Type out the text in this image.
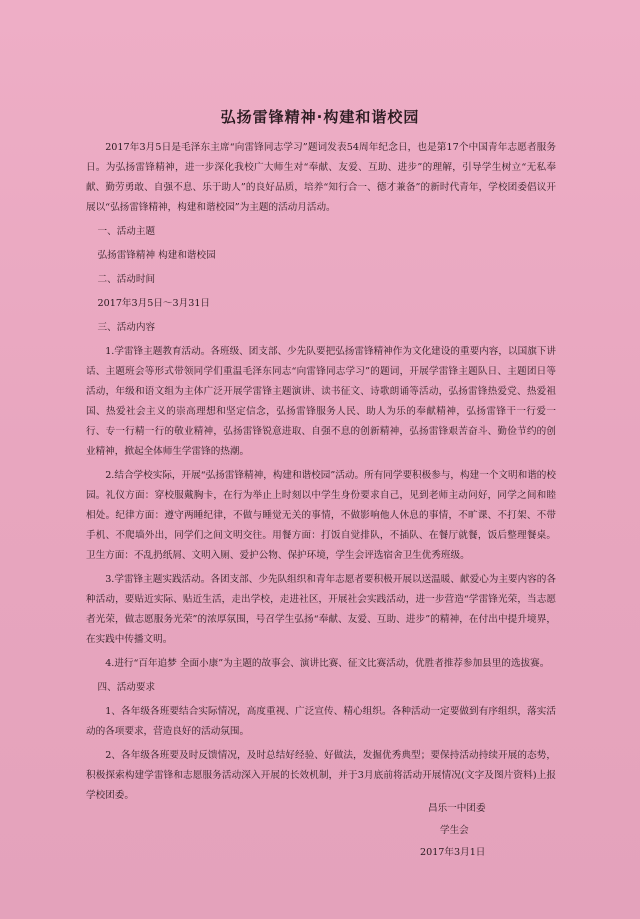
弘扬雷锋精神·构建和谐校园

2017年3月5日是毛泽东主席“向雷锋同志学习”题词发表54周年纪念日，也是第17个中国青年志愿者服务日。为弘扬雷锋精神，进一步深化我校广大师生对“奉献、友爱、互助、进步”的理解，引导学生树立“无私奉献、勤劳勇敢、自强不息、乐于助人”的良好品质，培养“知行合一、德才兼备”的新时代青年，学校团委倡议开展以“弘扬雷锋精神，构建和谐校园”为主题的活动月活动。

一、活动主题

弘扬雷锋精神 构建和谐校园

二、活动时间

2017年3月5日～3月31日

三、活动内容

1.学雷锋主题教育活动。各班级、团支部、少先队要把弘扬雷锋精神作为文化建设的重要内容，以国旗下讲话、主题班会等形式带领同学们重温毛泽东同志“向雷锋同志学习”的题词，开展学雷锋主题队日、主题团日等活动，年级和语文组为主体广泛开展学雷锋主题演讲、读书征文、诗歌朗诵等活动，弘扬雷锋热爱党、热爱祖国、热爱社会主义的崇高理想和坚定信念，弘扬雷锋服务人民、助人为乐的奉献精神，弘扬雷锋干一行爱一行、专一行精一行的敬业精神，弘扬雷锋锐意进取、自强不息的创新精神，弘扬雷锋艰苦奋斗、勤俭节约的创业精神，掀起全体师生学雷锋的热潮。

2.结合学校实际，开展“弘扬雷锋精神，构建和谐校园”活动。所有同学要积极参与，构建一个文明和谐的校园。礼仪方面：穿校服戴胸卡，在行为举止上时刻以中学生身份要求自己，见到老师主动问好，同学之间和睦相处。纪律方面：遵守两睡纪律，不做与睡觉无关的事情，不做影响他人休息的事情，不旷课、不打架、不带手机、不爬墙外出，同学们之间文明交往。用餐方面：打饭自觉排队，不插队、在餐厅就餐，饭后整理餐桌。卫生方面：不乱扔纸屑、文明入厕、爱护公物、保护环境，学生会评选宿舍卫生优秀班级。

3.学雷锋主题实践活动。各团支部、少先队组织和青年志愿者要积极开展以送温暖、献爱心为主要内容的各种活动，要贴近实际、贴近生活，走出学校，走进社区，开展社会实践活动，进一步营造“学雷锋光荣，当志愿者光荣，做志愿服务光荣”的浓厚氛围，号召学生弘扬“奉献、友爱、互助、进步”的精神，在付出中提升境界，在实践中传播文明。

4.进行“百年追梦 全面小康”为主题的故事会、演讲比赛、征文比赛活动，优胜者推荐参加县里的选拔赛。

四、活动要求

1、各年级各班要结合实际情况，高度重视、广泛宣传、精心组织。各种活动一定要做到有序组织，落实活动的各项要求，营造良好的活动氛围。

2、各年级各班要及时反馈情况，及时总结好经验、好做法，发掘优秀典型；要保持活动持续开展的态势，积极探索构建学雷锋和志愿服务活动深入开展的长效机制，并于3月底前将活动开展情况(文字及图片资料)上报学校团委。

昌乐一中团委
学生会
2017年3月1日
